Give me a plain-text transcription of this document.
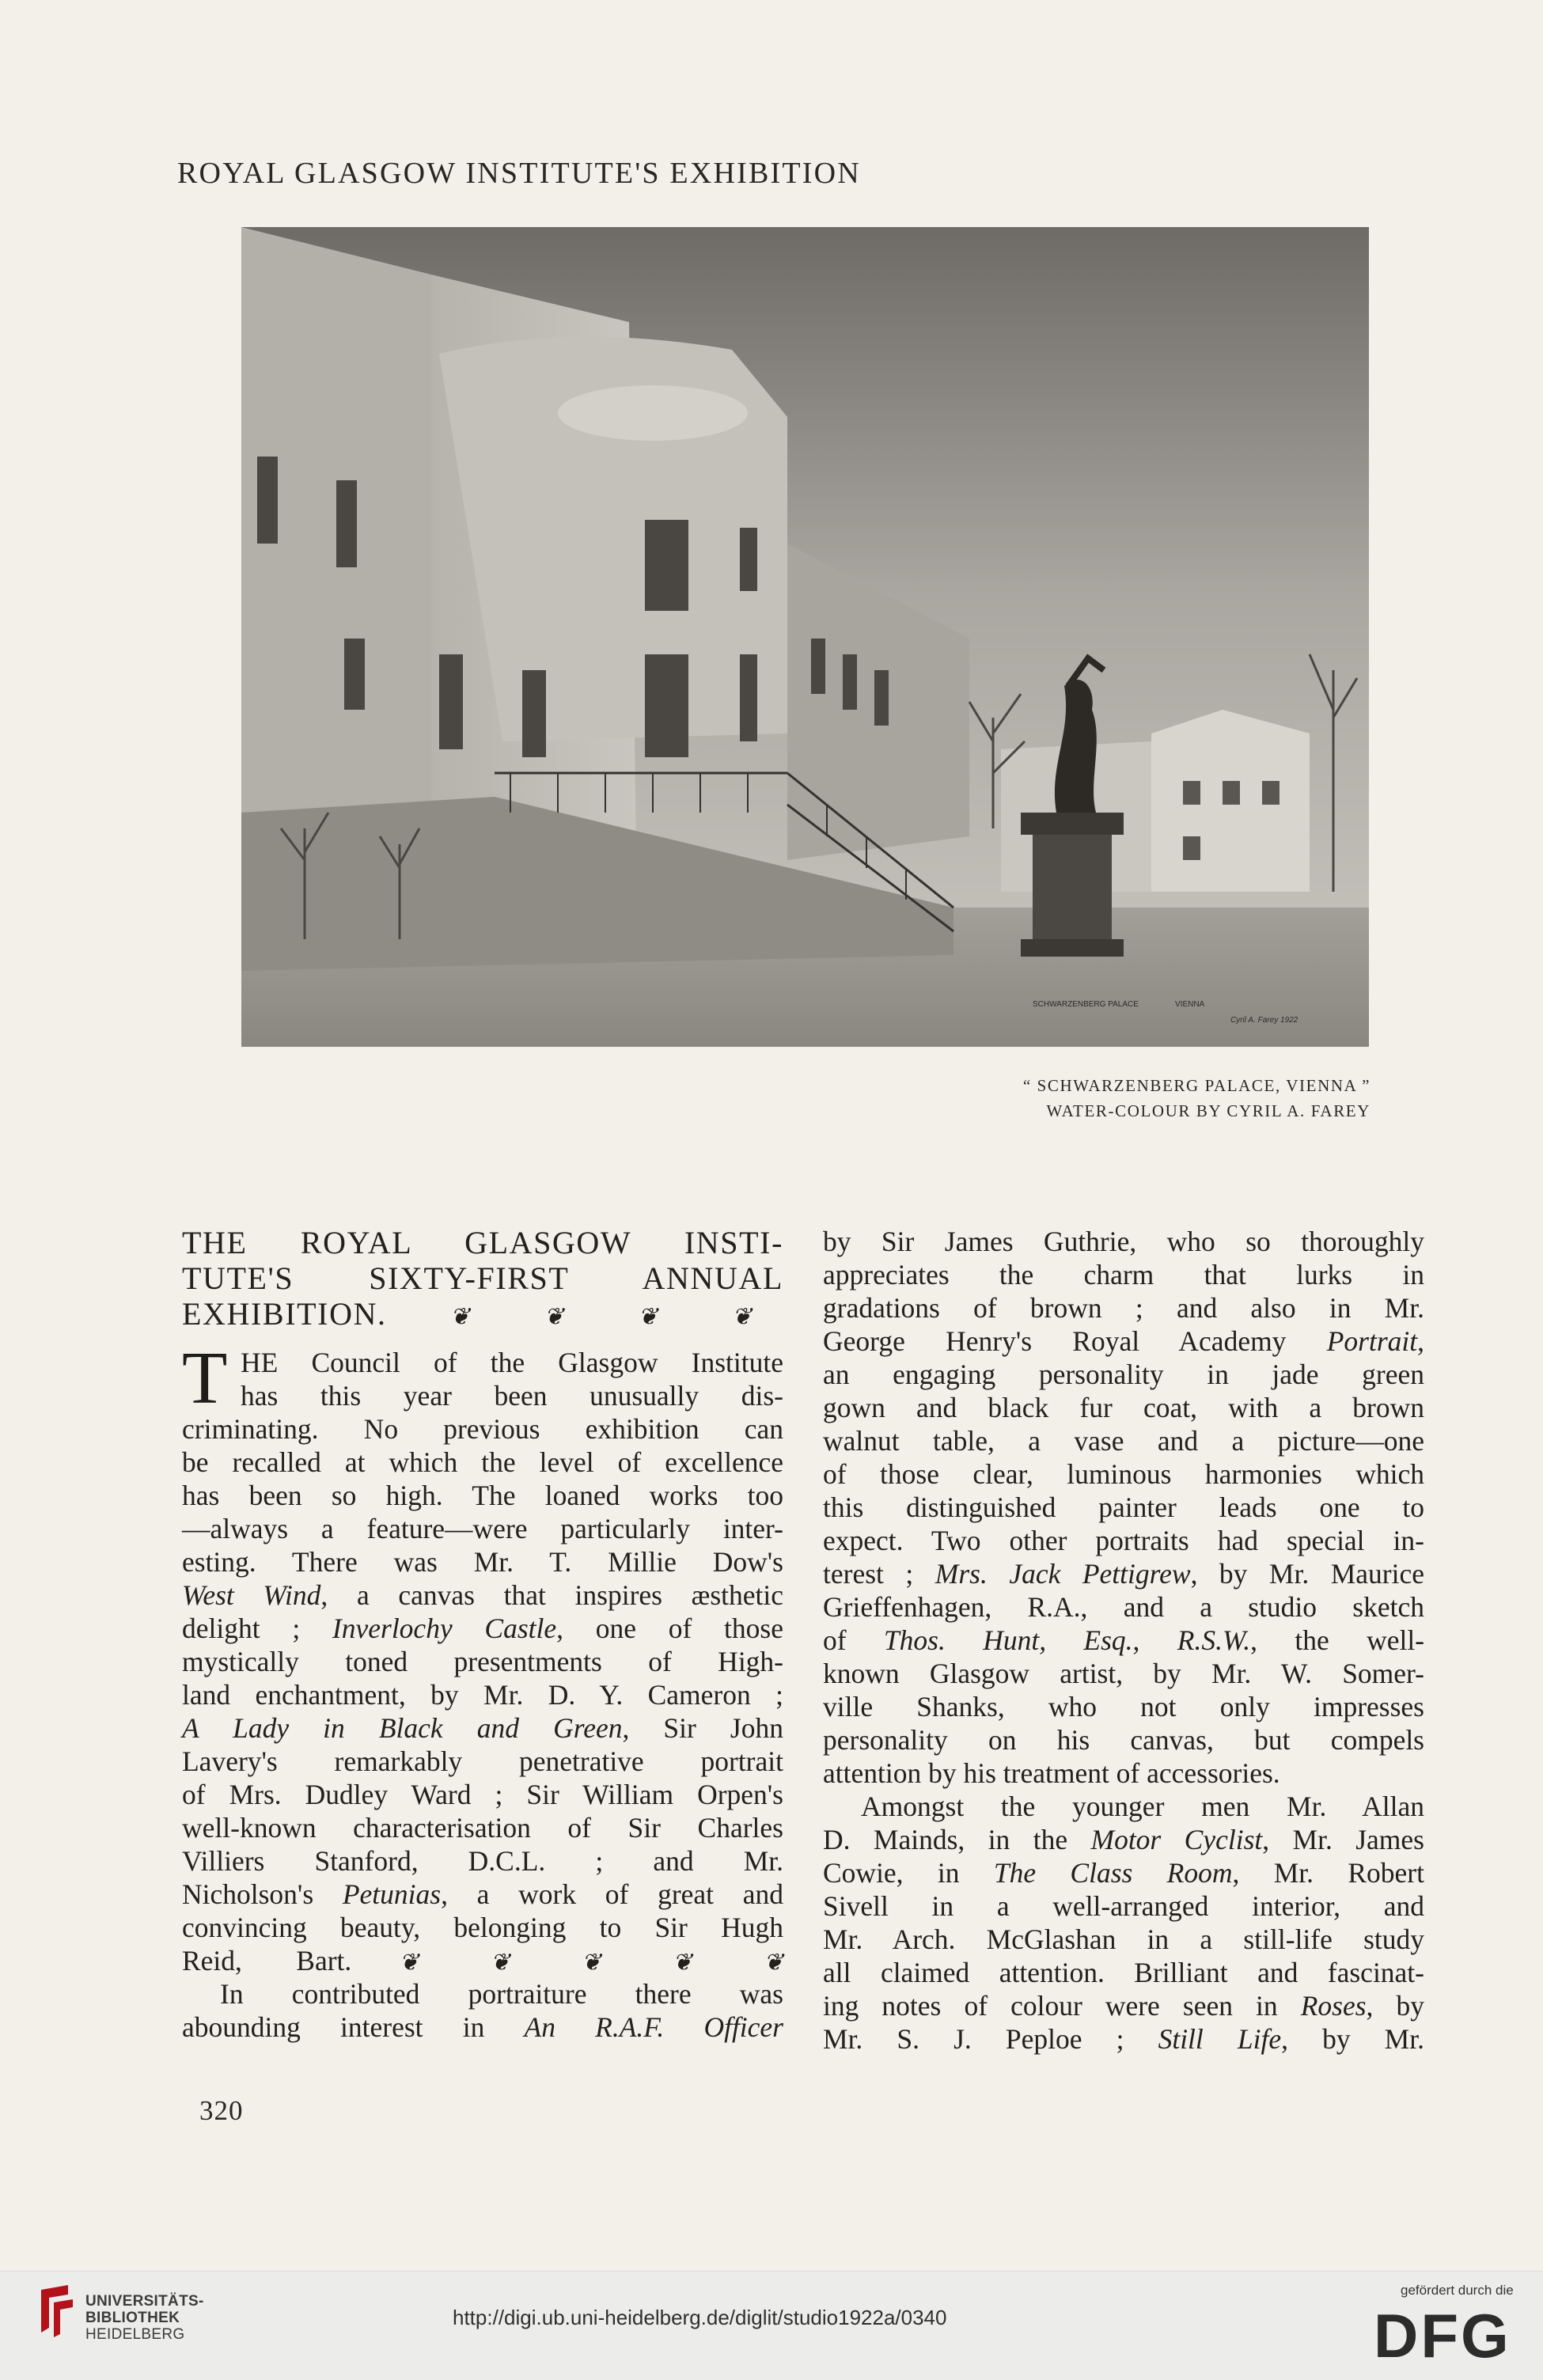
ROYAL GLASGOW INSTITUTE'S EXHIBITION
SCHWARZENBERG PALACE	VIENNA
Cyril A. Farey 1922
“ SCHWARZENBERG PALACE, VIENNA ”
WATER-COLOUR BY CYRIL A. FAREY
THE ROYAL GLASGOW INSTI-
TUTE'S SIXTY-FIRST ANNUAL
EXHIBITION.	❦	❦	❦	❦
T HE Council of the Glasgow Institute
has this year been unusually dis-
criminating. No previous exhibition can
be recalled at which the level of excellence
has been so high. The loaned works too
—always a feature—were particularly inter-
esting. There was Mr. T. Millie Dow's
West Wind, a canvas that inspires æsthetic
delight ; Inverlochy Castle, one of those
mystically toned presentments of High-
land enchantment, by Mr. D. Y. Cameron ;
A Lady in Black and Green, Sir John
Lavery's remarkably penetrative portrait
of Mrs. Dudley Ward ; Sir William Orpen's
well-known characterisation of Sir Charles
Villiers Stanford, D.C.L. ; and Mr.
Nicholson's Petunias, a work of great and
convincing beauty, belonging to Sir Hugh
Reid, Bart. ❦	❦	❦	❦	❦
In contributed portraiture there was
abounding interest in An R.A.F. Officer
by Sir James Guthrie, who so thoroughly
appreciates the charm that lurks in
gradations of brown ; and also in Mr.
George Henry's Royal Academy Portrait,
an engaging personality in jade green
gown and black fur coat, with a brown
walnut table, a vase and a picture—one
of those clear, luminous harmonies which
this distinguished painter leads one to
expect. Two other portraits had special in-
terest ; Mrs. Jack Pettigrew, by Mr. Maurice
Grieffenhagen, R.A., and a studio sketch
of Thos. Hunt, Esq., R.S.W., the well-
known Glasgow artist, by Mr. W. Somer-
ville Shanks, who not only impresses
personality on his canvas, but compels
attention by his treatment of accessories.
Amongst the younger men Mr. Allan
D. Mainds, in the Motor Cyclist, Mr. James
Cowie, in The Class Room, Mr. Robert
Sivell in a well-arranged interior, and
Mr. Arch. McGlashan in a still-life study
all claimed attention. Brilliant and fascinat-
ing notes of colour were seen in Roses, by
Mr. S. J. Peploe ; Still Life, by Mr.
320
UNIVERSITÄTS-
BIBLIOTHEK
HEIDELBERG
http://digi.ub.uni-heidelberg.de/diglit/studio1922a/0340
gefördert durch die
DFG
